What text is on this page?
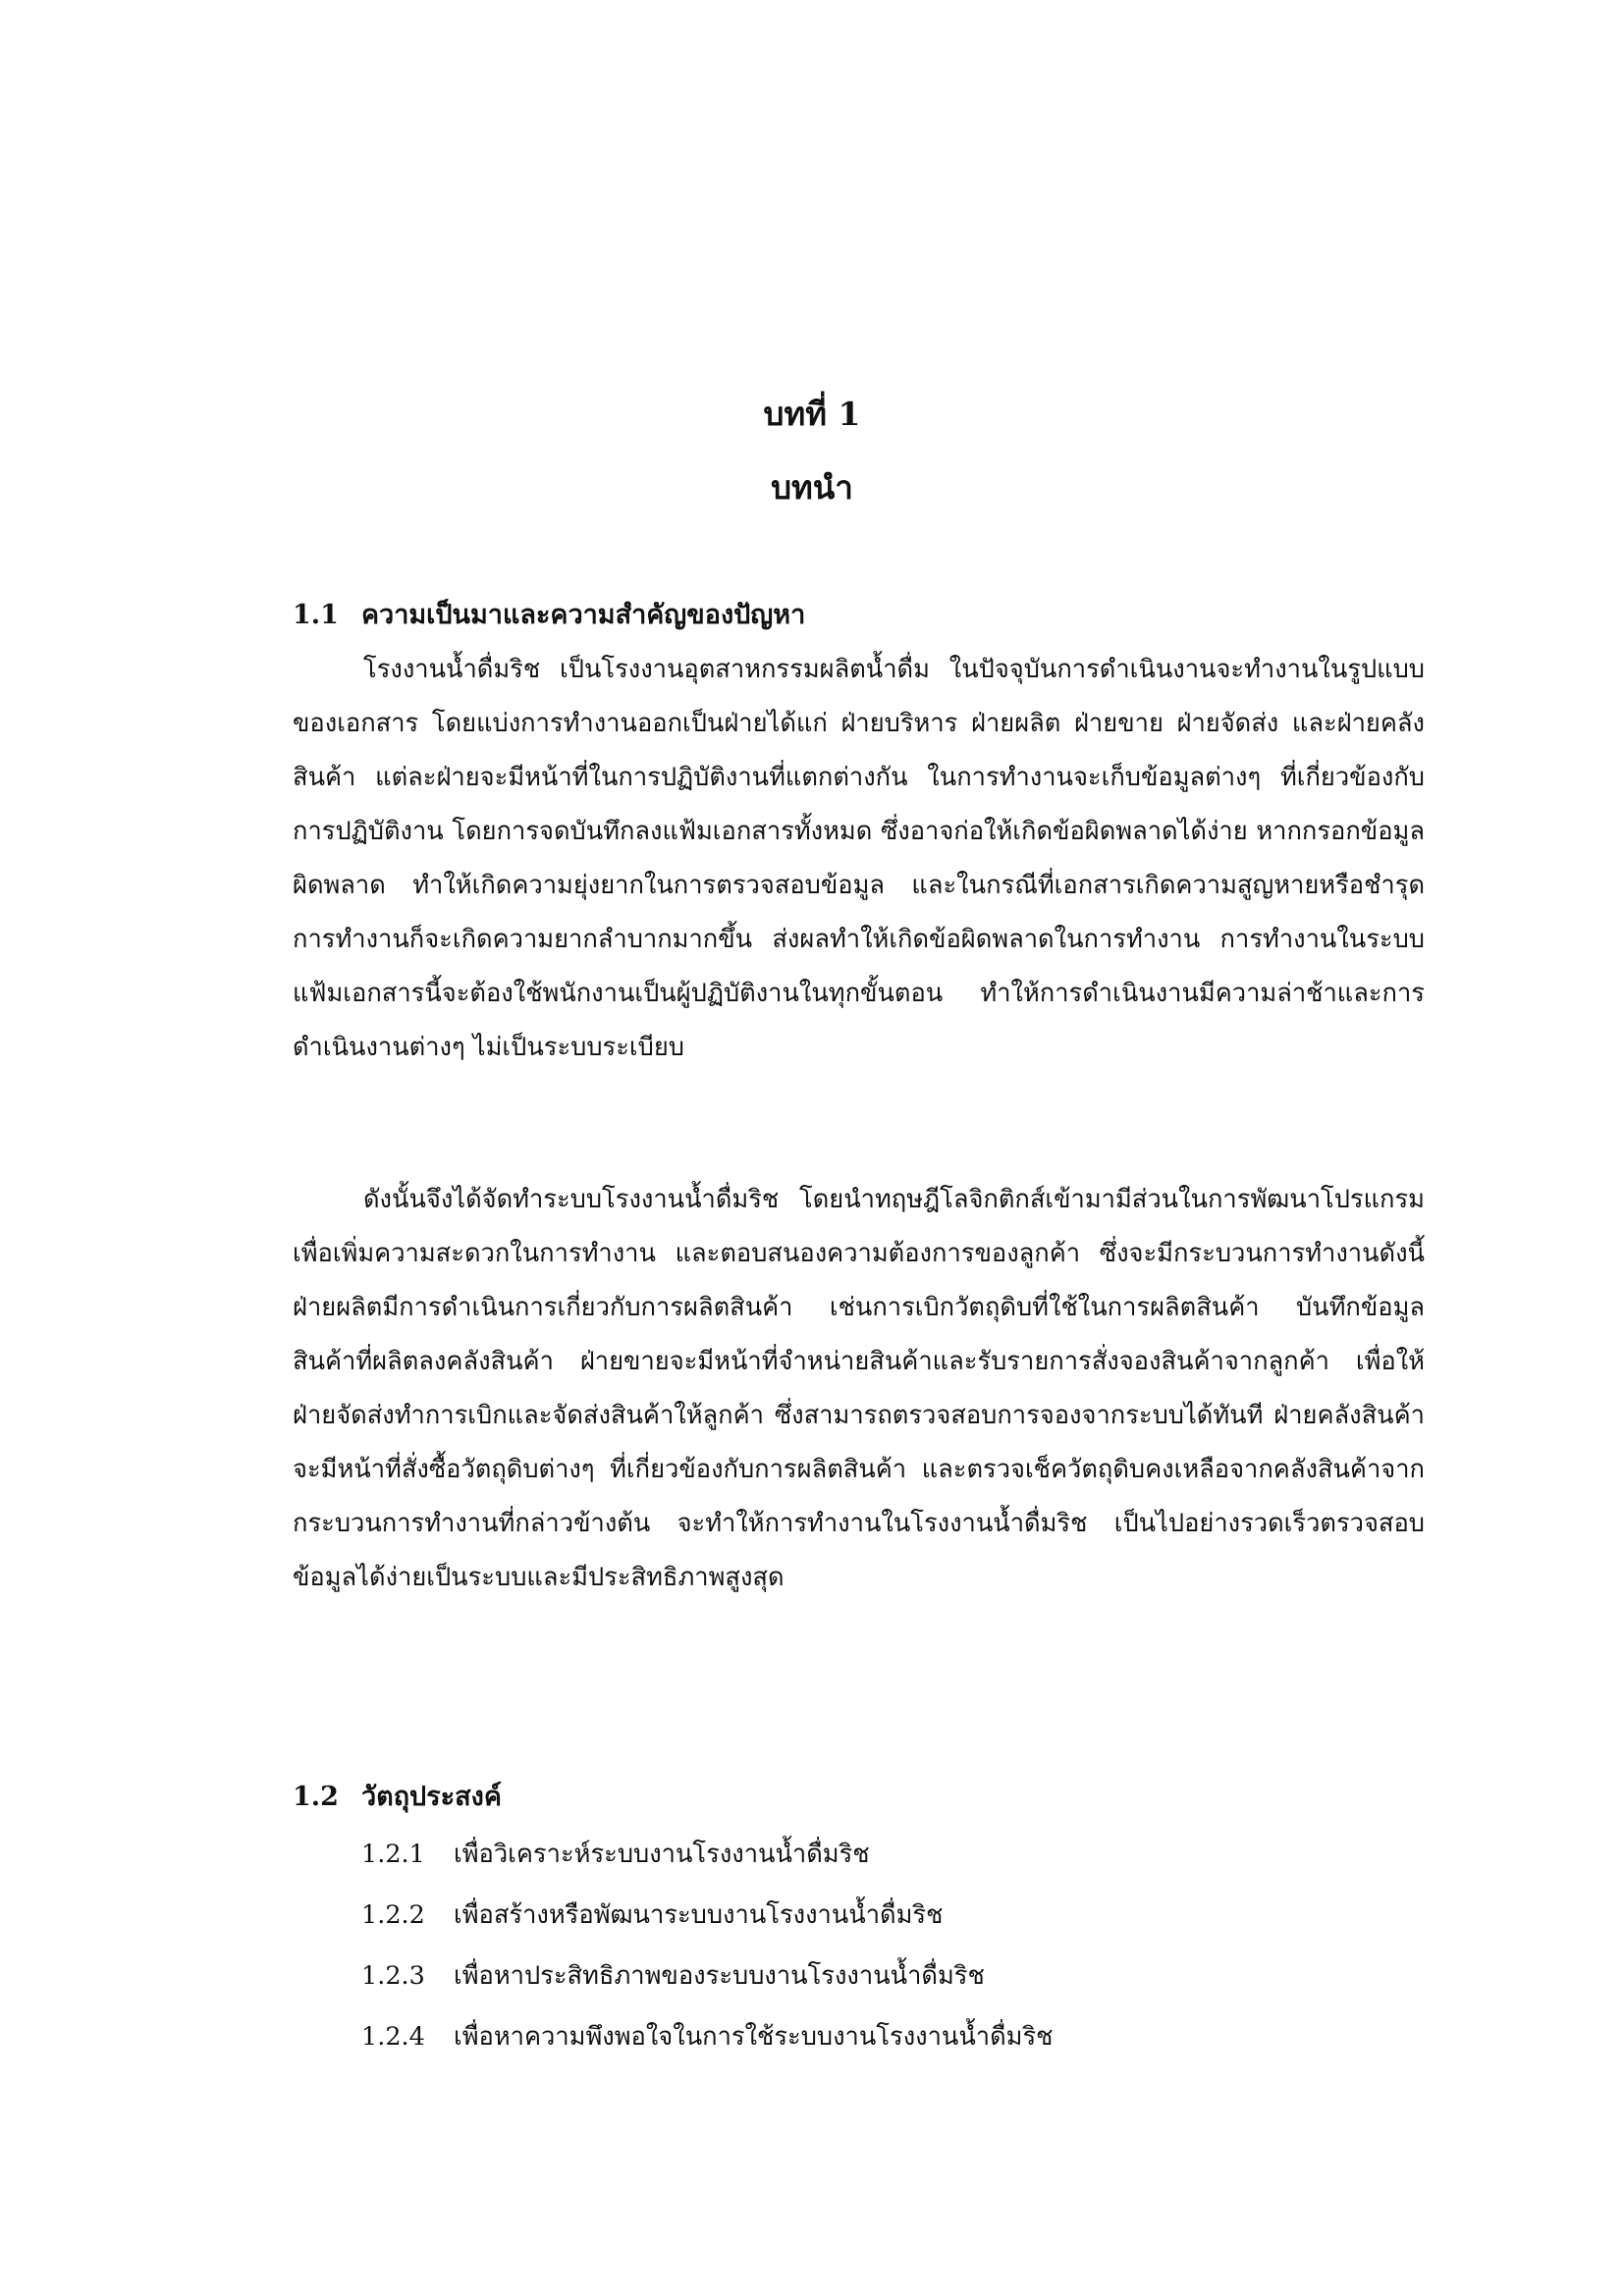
บทที่ 1
บทนำ
1.1 ความเป็นมาและความสำคัญของปัญหา
โรงงานน้ำดื่มริช เป็นโรงงานอุตสาหกรรมผลิตน้ำดื่ม ในปัจจุบันการดำเนินงานจะทำงานในรูปแบบของเอกสาร โดยแบ่งการทำงานออกเป็นฝ่ายได้แก่ ฝ่ายบริหาร ฝ่ายผลิต ฝ่ายขาย ฝ่ายจัดส่ง และฝ่ายคลังสินค้า แต่ละฝ่ายจะมีหน้าที่ในการปฏิบัติงานที่แตกต่างกัน ในการทำงานจะเก็บข้อมูลต่างๆ ที่เกี่ยวข้องกับการปฏิบัติงาน โดยการจดบันทึกลงแฟ้มเอกสารทั้งหมด ซึ่งอาจก่อให้เกิดข้อผิดพลาดได้ง่าย หากกรอกข้อมูลผิดพลาด ทำให้เกิดความยุ่งยากในการตรวจสอบข้อมูล และในกรณีที่เอกสารเกิดความสูญหายหรือชำรุด การทำงานก็จะเกิดความยากลำบากมากขึ้น ส่งผลทำให้เกิดข้อผิดพลาดในการทำงาน การทำงานในระบบแฟ้มเอกสารนี้จะต้องใช้พนักงานเป็นผู้ปฏิบัติงานในทุกขั้นตอน ทำให้การดำเนินงานมีความล่าช้าและการดำเนินงานต่างๆ ไม่เป็นระบบระเบียบ
ดังนั้นจึงได้จัดทำระบบโรงงานน้ำดื่มริช โดยนำทฤษฎีโลจิกติกส์เข้ามามีส่วนในการพัฒนาโปรแกรม เพื่อเพิ่มความสะดวกในการทำงาน และตอบสนองความต้องการของลูกค้า ซึ่งจะมีกระบวนการทำงานดังนี้ ฝ่ายผลิตมีการดำเนินการเกี่ยวกับการผลิตสินค้า เช่นการเบิกวัตถุดิบที่ใช้ในการผลิตสินค้า บันทึกข้อมูลสินค้าที่ผลิตลงคลังสินค้า ฝ่ายขายจะมีหน้าที่จำหน่ายสินค้าและรับรายการสั่งจองสินค้าจากลูกค้า เพื่อให้ฝ่ายจัดส่งทำการเบิกและจัดส่งสินค้าให้ลูกค้า ซึ่งสามารถตรวจสอบการจองจากระบบได้ทันที ฝ่ายคลังสินค้า จะมีหน้าที่สั่งซื้อวัตถุดิบต่างๆ ที่เกี่ยวข้องกับการผลิตสินค้า และตรวจเช็ควัตถุดิบคงเหลือจากคลังสินค้าจากกระบวนการทำงานที่กล่าวข้างต้น จะทำให้การทำงานในโรงงานน้ำดื่มริช เป็นไปอย่างรวดเร็วตรวจสอบข้อมูลได้ง่ายเป็นระบบและมีประสิทธิภาพสูงสุด
1.2 วัตถุประสงค์
1.2.1 เพื่อวิเคราะห์ระบบงานโรงงานน้ำดื่มริช
1.2.2 เพื่อสร้างหรือพัฒนาระบบงานโรงงานน้ำดื่มริช
1.2.3 เพื่อหาประสิทธิภาพของระบบงานโรงงานน้ำดื่มริช
1.2.4 เพื่อหาความพึงพอใจในการใช้ระบบงานโรงงานน้ำดื่มริช
